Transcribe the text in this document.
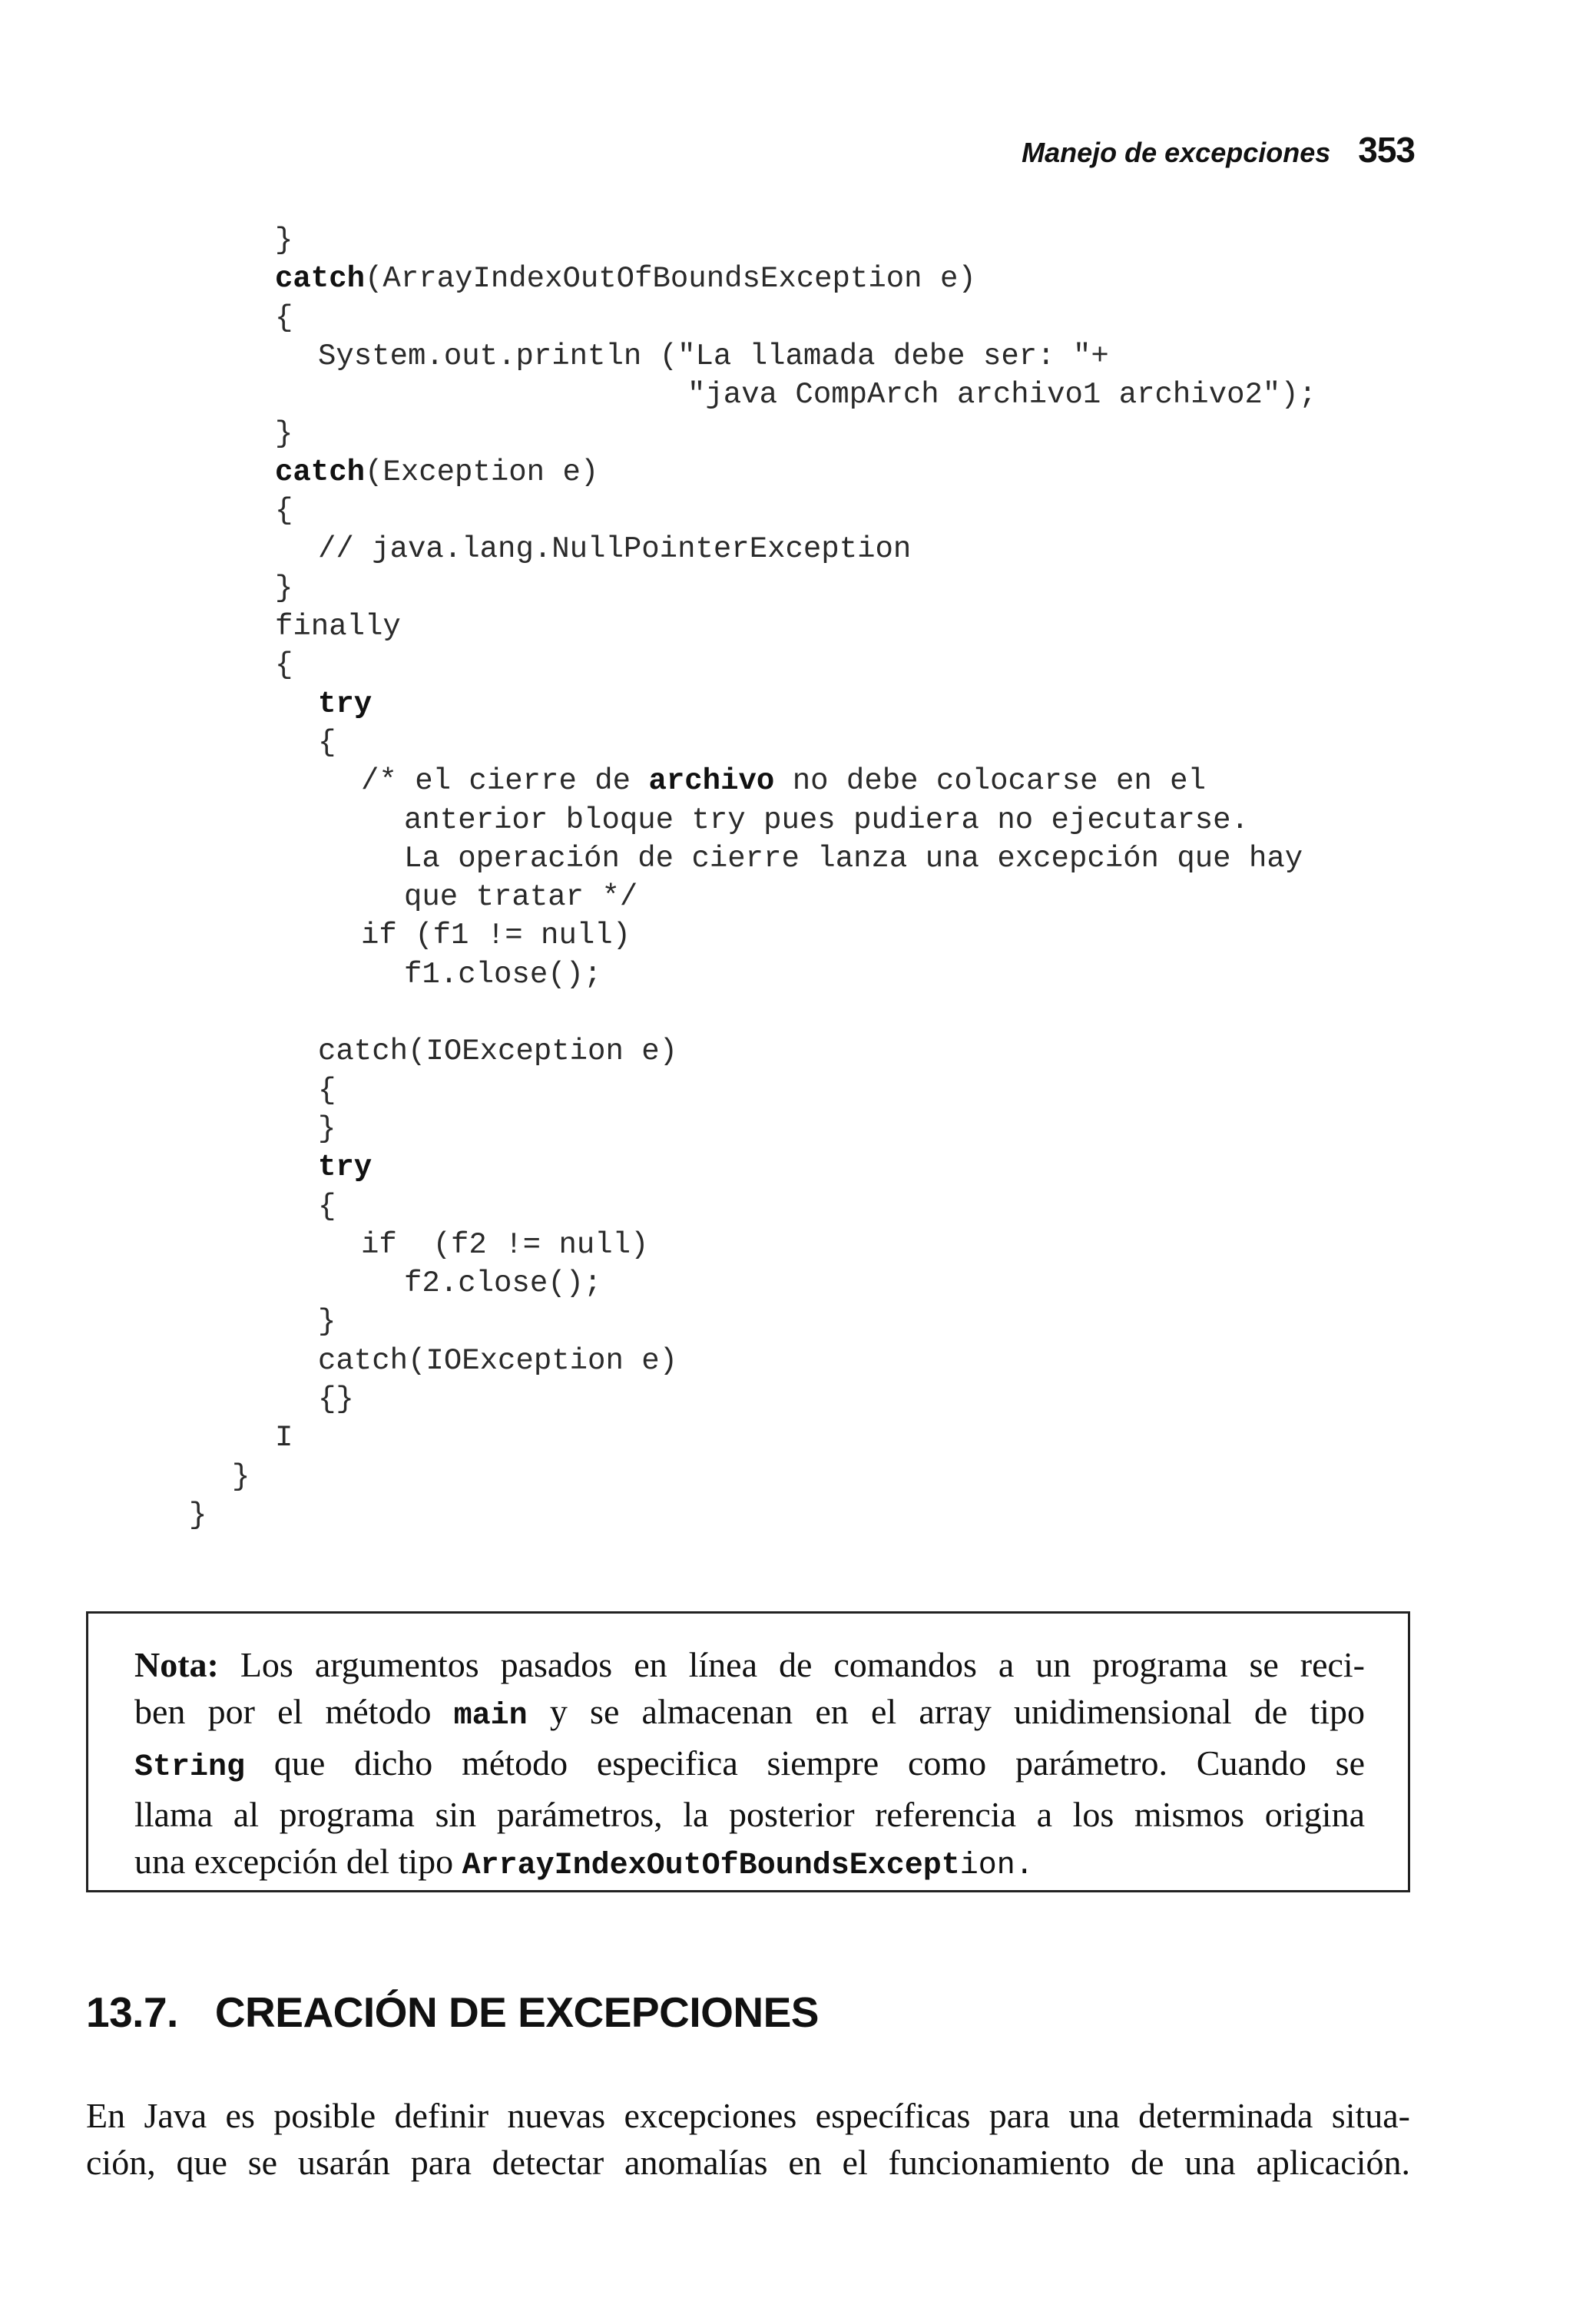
Manejo de excepciones 353
}
catch(ArrayIndexOutOfBoundsException e)
{
System.out.println ("La llamada debe ser: "+
"java CompArch archivo1 archivo2");
}
catch(Exception e)
{
// java.lang.NullPointerException
}
finally
{
try
{
/* el cierre de archivo no debe colocarse en el
anterior bloque try pues pudiera no ejecutarse.
La operación de cierre lanza una excepción que hay
que tratar */
if (f1 != null)
f1.close();
catch(IOException e)
{
}
try
{
if  (f2 != null)
f2.close();
}
catch(IOException e)
{}
I
}
}
Nota: Los argumentos pasados en línea de comandos a un programa se reci-
ben por el método main y se almacenan en el array unidimensional de tipo
String que dicho método especifica siempre como parámetro. Cuando se
llama al programa sin parámetros, la posterior referencia a los mismos origina
una excepción del tipo ArrayIndexOutOfBoundsException.
13.7. CREACIÓN DE EXCEPCIONES

En Java es posible definir nuevas excepciones específicas para una determinada situa-
ción, que se usarán para detectar anomalías en el funcionamiento de una aplicación.
